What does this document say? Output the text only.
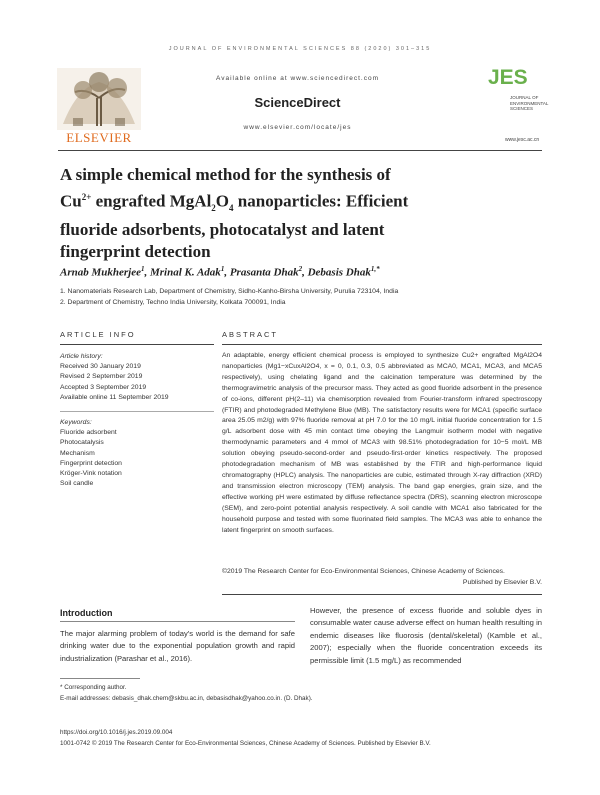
JOURNAL OF ENVIRONMENTAL SCIENCES 88 (2020) 301–315
ELSEVIER
Available online at www.sciencedirect.com
ScienceDirect
www.elsevier.com/locate/jes
JES
JOURNAL OF ENVIRONMENTAL SCIENCES
www.jesc.ac.cn
A simple chemical method for the synthesis of
$Cu^{2+}$ engrafted $MgAl_2O_4$ nanoparticles: Efficient
fluoride adsorbents, photocatalyst and latent
fingerprint detection
Arnab Mukherjee$^1$, Mrinal K. Adak$^1$, Prasanta Dhak$^2$, Debasis Dhak$^{1,*}$
1. Nanomaterials Research Lab, Department of Chemistry, Sidho-Kanho-Birsha University, Purulia 723104, India
2. Department of Chemistry, Techno India University, Kolkata 700091, India
ARTICLE INFO	ABSTRACT
Article history:
Received 30 January 2019
Revised 2 September 2019
Accepted 3 September 2019
Available online 11 September 2019
Keywords:
Fluoride adsorbent
Photocatalysis
Mechanism
Fingerprint detection
Kröger-Vink notation
Soil candle
An adaptable, energy efficient chemical process is employed to synthesize Cu2+ engrafted MgAl2O4 nanoparticles (Mg1−xCuxAl2O4, x = 0, 0.1, 0.3, 0.5 abbreviated as MCA0, MCA1, MCA3, and MCA5 respectively), using chelating ligand and the calcination temperature was determined by the thermogravimetric analysis of the precursor mass. They acted as good fluoride adsorbent in the presence of co-ions, different pH(2–11) via chemisorption revealed from Fourier-transform infrared spectroscopy (FTIR) and photodegraded Methylene Blue (MB). The satisfactory results were for MCA1 (specific surface area 25.05 m2/g) with 97% fluoride removal at pH 7.0 for the 10 mg/L initial fluoride concentration for 1.5 g/L adsorbent dose with 45 min contact time obeying the Langmuir isotherm model with negative thermodynamic parameters and 4 mmol of MCA3 with 98.51% photodegradation for 10−5 mol/L MB solution obeying pseudo-second-order and pseudo-first-order kinetics respectively. The proposed photodegradation mechanism of MB was established by the FTIR and high-performance liquid chromatography (HPLC) analysis. The nanoparticles are cubic, estimated through X-ray diffraction (XRD) and transmission electron microscopy (TEM) analysis. The band gap energies, grain size, and the effective working pH were estimated by diffuse reflectance spectra (DRS), scanning electron microscope (SEM), and zero-point potential analysis respectively. A soil candle with MCA1 also fabricated for the household purpose and tested with some fluorinated field samples. The MCA3 was able to enhance the latent fingerprint on smooth surfaces.
©2019 The Research Center for Eco-Environmental Sciences, Chinese Academy of Sciences.
Published by Elsevier B.V.
Introduction
The major alarming problem of today's world is the demand for safe drinking water due to the exponential population growth and rapid industrialization (Parashar et al., 2016).
However, the presence of excess fluoride and soluble dyes in consumable water cause adverse effect on human health resulting in endemic diseases like fluorosis (dental/skeletal) (Kamble et al., 2007); especially when the fluoride concentration exceeds its permissible limit (1.5 mg/L) as recommended
* Corresponding author.
E-mail addresses: debasis_dhak.chem@skbu.ac.in, debasisdhak@yahoo.co.in. (D. Dhak).
https://doi.org/10.1016/j.jes.2019.09.004
1001-0742 © 2019 The Research Center for Eco-Environmental Sciences, Chinese Academy of Sciences. Published by Elsevier B.V.
